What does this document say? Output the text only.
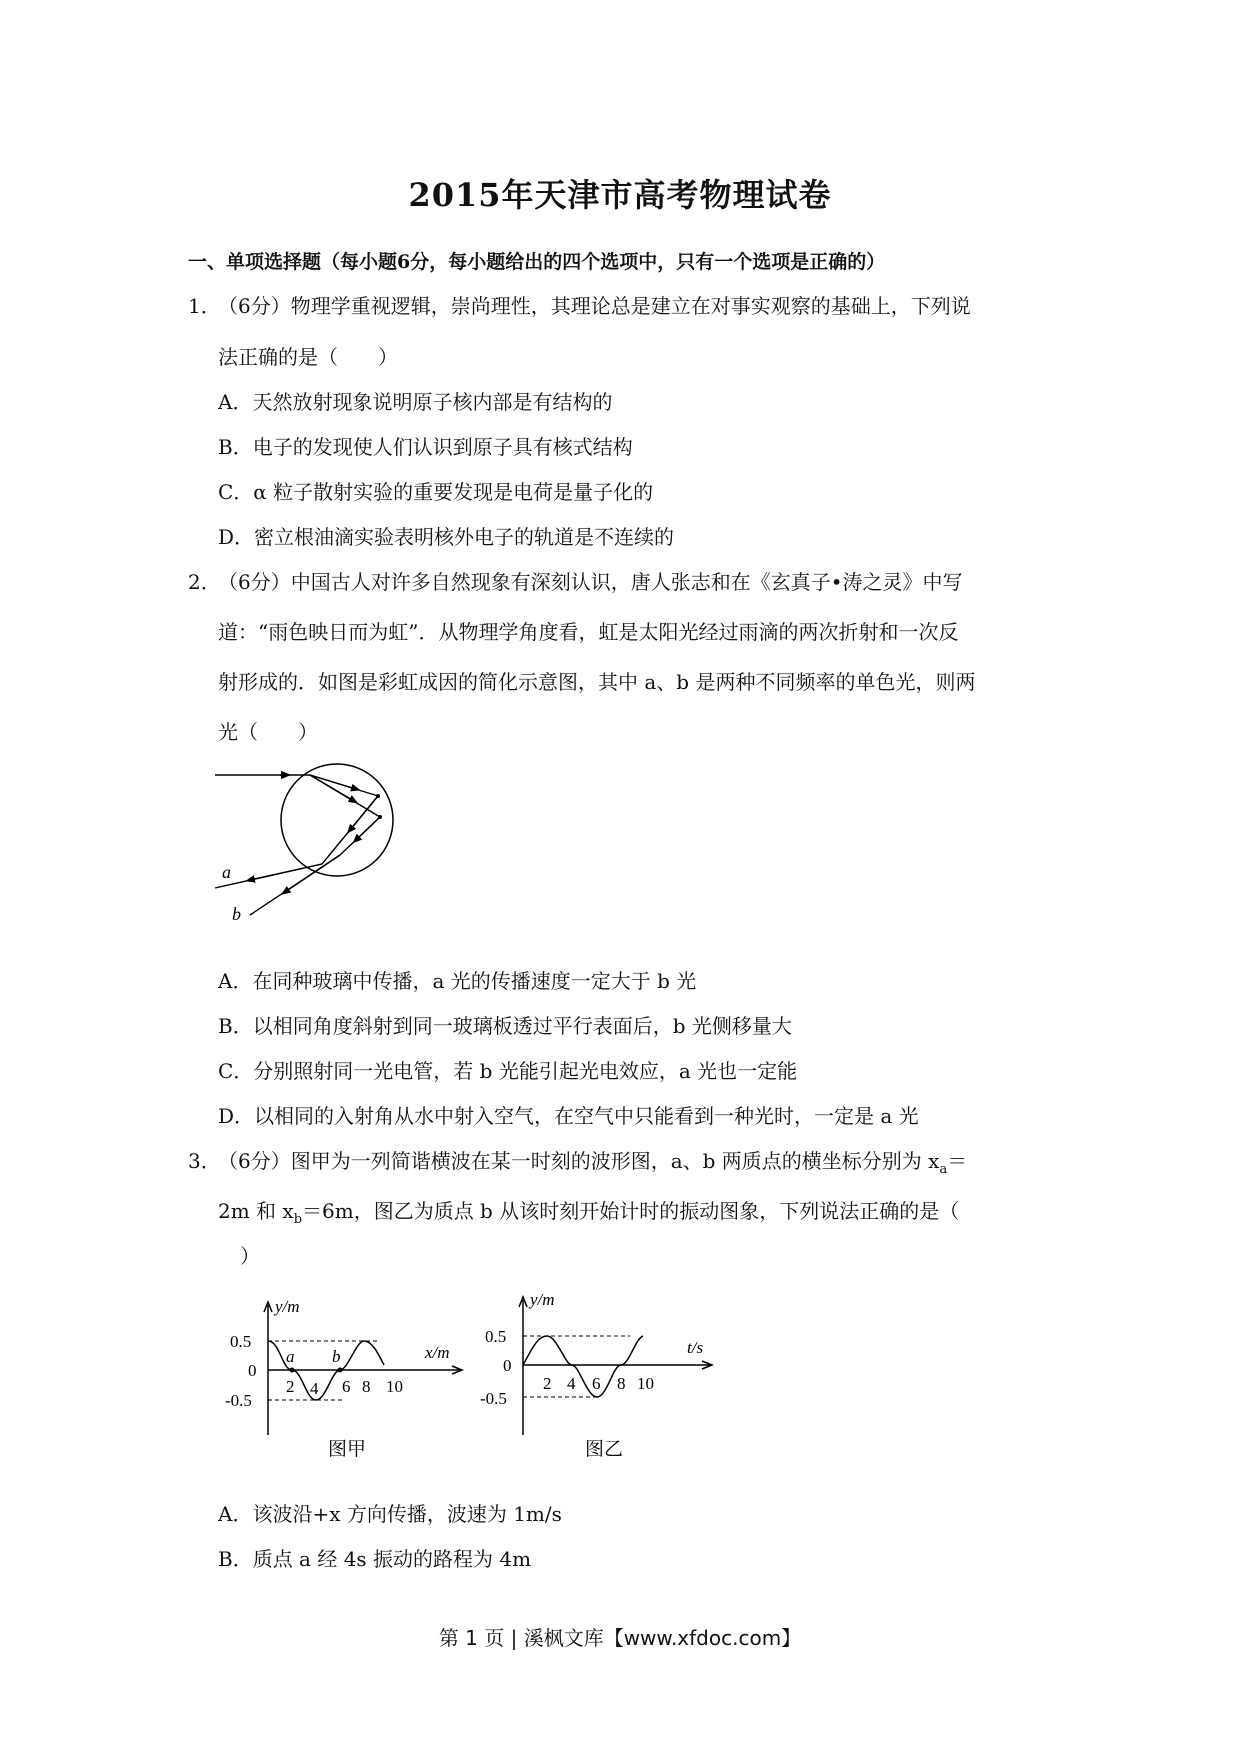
2015年天津市高考物理试卷
一、单项选择题（每小题6分，每小题给出的四个选项中，只有一个选项是正确的）
1．
（6分）物理学重视逻辑，崇尚理性，其理论总是建立在对事实观察的基础上，下列说
法正确的是（　　）
A．天然放射现象说明原子核内部是有结构的
B．电子的发现使人们认识到原子具有核式结构
C．α 粒子散射实验的重要发现是电荷是量子化的
D．密立根油滴实验表明核外电子的轨道是不连续的
2．
（6分）中国古人对许多自然现象有深刻认识，唐人张志和在《玄真子•涛之灵》中写
道：“雨色映日而为虹”．从物理学角度看，虹是太阳光经过雨滴的两次折射和一次反
射形成的．如图是彩虹成因的简化示意图，其中 a、b 是两种不同频率的单色光，则两
光（　　）
a
b
A．在同种玻璃中传播，a 光的传播速度一定大于 b 光
B．以相同角度斜射到同一玻璃板透过平行表面后，b 光侧移量大
C．分别照射同一光电管，若 b 光能引起光电效应，a 光也一定能
D．以相同的入射角从水中射入空气，在空气中只能看到一种光时，一定是 a 光
3．
（6分）图甲为一列简谐横波在某一时刻的波形图，a、b 两质点的横坐标分别为 $x_a=$
2m 和 $x_b=6m$，图乙为质点 b 从该时刻开始计时的振动图象，下列说法正确的是（
）
y/m
x/m
0.5
0
-0.5
a b
2 4 6 8 10
图甲
y/m
t/s
0.5
0
-0.5
2 4 6 8 10
图乙
A．该波沿+x 方向传播，波速为 1m/s
B．质点 a 经 4s 振动的路程为 4m
第 1 页 | 溪枫文库【www.xfdoc.com】
